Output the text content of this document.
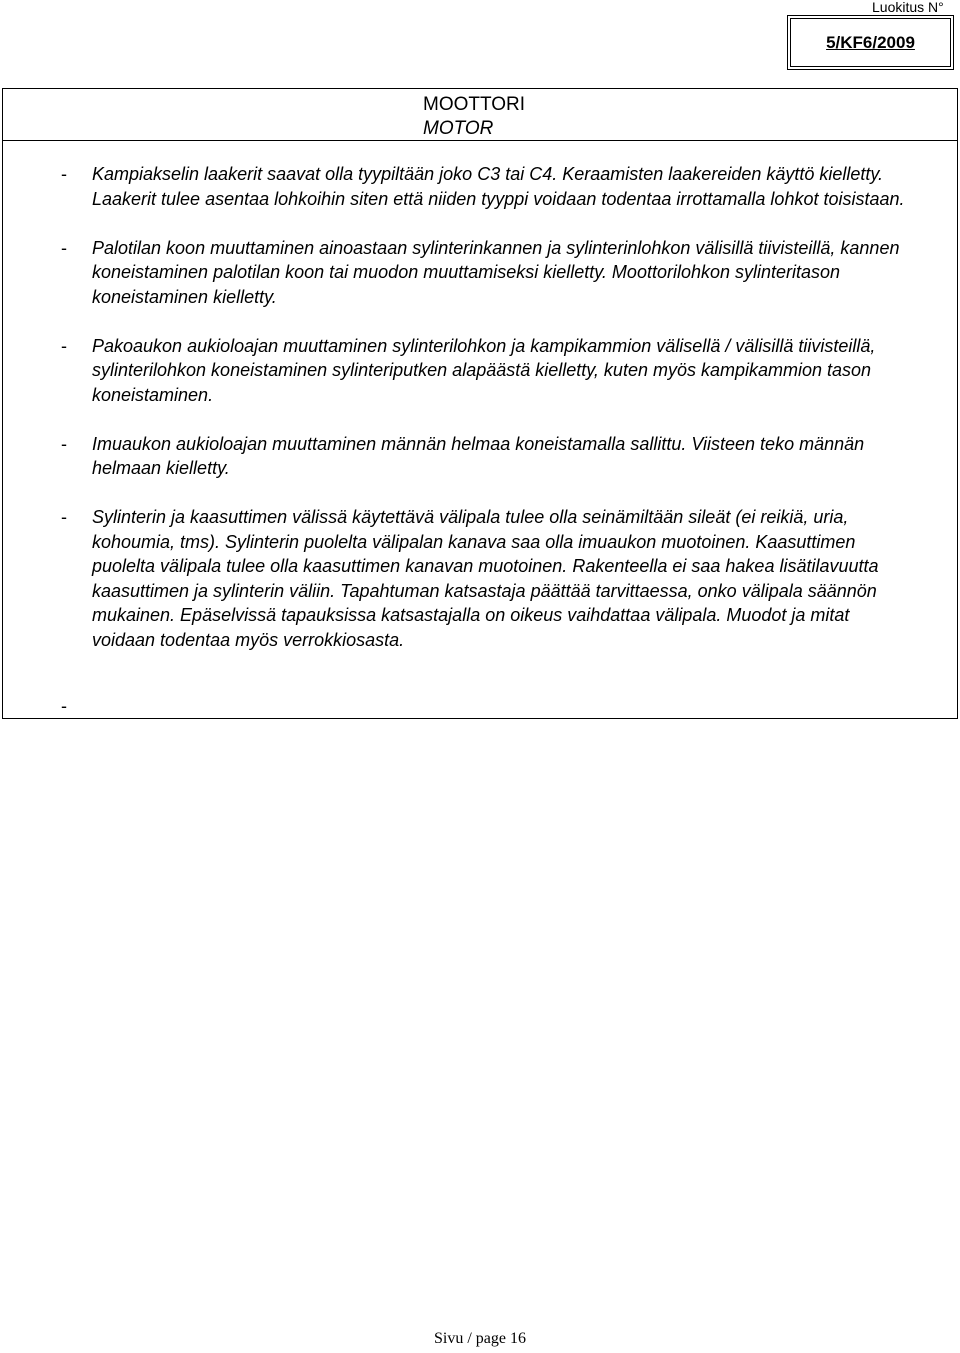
Luokitus N°
5/KF6/2009
MOOTTORI
MOTOR
- Kampiakselin laakerit saavat olla tyypiltään joko C3 tai C4. Keraamisten laakereiden käyttö kielletty. Laakerit tulee asentaa lohkoihin siten että niiden tyyppi voidaan todentaa irrottamalla lohkot toisistaan.
- Palotilan koon muuttaminen ainoastaan sylinterinkannen ja sylinterinlohkon välisillä tiivisteillä, kannen koneistaminen palotilan koon tai muodon muuttamiseksi kielletty. Moottorilohkon sylinteritason koneistaminen kielletty.
- Pakoaukon aukioloajan muuttaminen sylinterilohkon ja kampikammion välisellä / välisillä tiivisteillä, sylinterilohkon koneistaminen sylinteriputken alapäästä kielletty, kuten myös kampikammion tason koneistaminen.
- Imuaukon aukioloajan muuttaminen männän helmaa koneistamalla sallittu. Viisteen teko männän helmaan kielletty.
- Sylinterin ja kaasuttimen välissä käytettävä välipala tulee olla seinämiltään sileät (ei reikiä, uria, kohoumia, tms). Sylinterin puolelta välipalan kanava saa olla imuaukon muotoinen. Kaasuttimen puolelta välipala tulee olla kaasuttimen kanavan muotoinen. Rakenteella ei saa hakea lisätilavuutta kaasuttimen ja sylinterin väliin. Tapahtuman katsastaja päättää tarvittaessa, onko välipala säännön mukainen. Epäselvissä tapauksissa katsastajalla on oikeus vaihdattaa välipala. Muodot ja mitat voidaan todentaa myös verrokkiosasta.
-
Sivu / page 16
